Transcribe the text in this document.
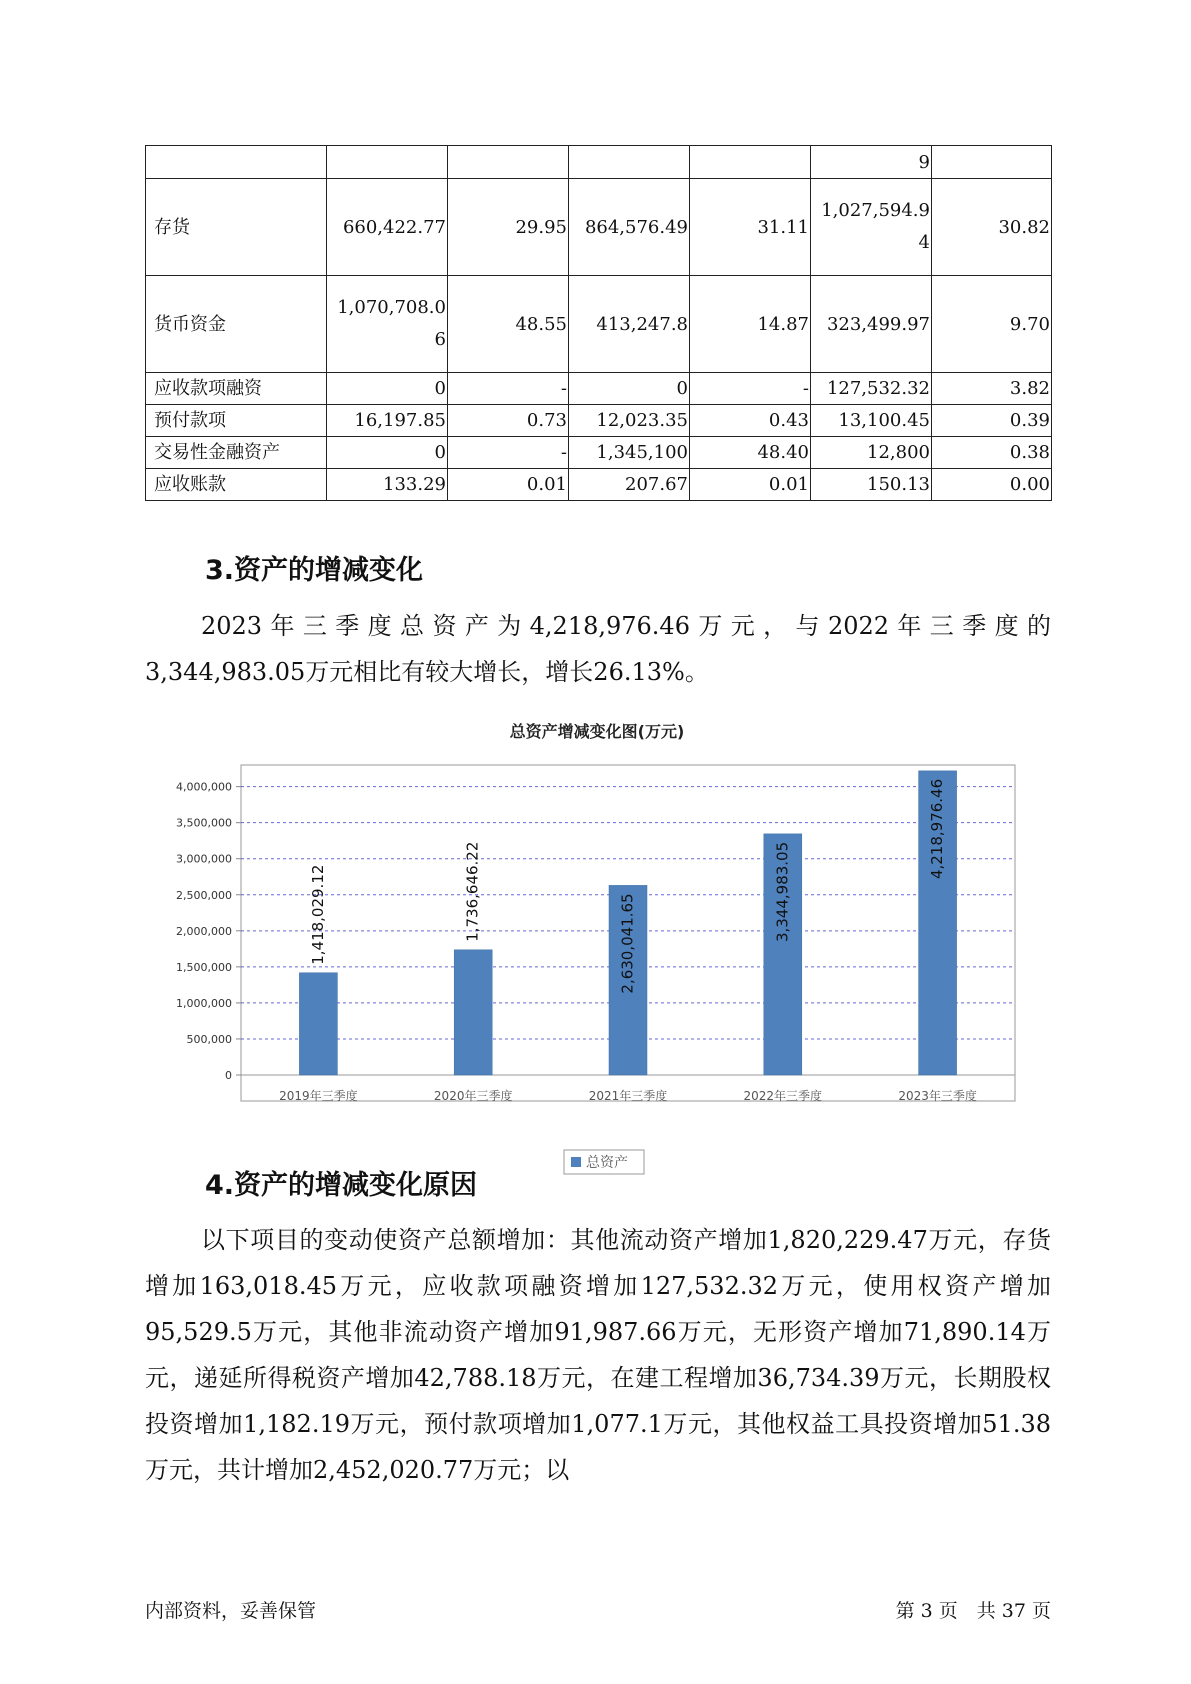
					9	
存货	660,422.77	29.95	864,576.49	31.11	1,027,594.94	30.82
货币资金	1,070,708.06	48.55	413,247.8	14.87	323,499.97	9.70
应收款项融资	0	-	0	-	127,532.32	3.82
预付款项	16,197.85	0.73	12,023.35	0.43	13,100.45	0.39
交易性金融资产	0	-	1,345,100	48.40	12,800	0.38
应收账款	133.29	0.01	207.67	0.01	150.13	0.00
3.资产的增减变化

2023年三季度总资产为4,218,976.46万元，与2022年三季度的3,344,983.05万元相比有较大增长，增长26.13%。

总资产增减变化图(万元)
0
500,000
1,000,000
1,500,000
2,000,000
2,500,000
3,000,000
3,500,000
4,000,000
1,418,029.12	1,736,646.22
2,630,041.65
3,344,983.05
4,218,976.46
2019年三季度	2020年三季度	2021年三季度	2022年三季度	2023年三季度
总资产
4.资产的增减变化原因

以下项目的变动使资产总额增加：其他流动资产增加1,820,229.47万元，存货增加163,018.45万元，应收款项融资增加127,532.32万元，使用权资产增加95,529.5万元，其他非流动资产增加91,987.66万元，无形资产增加71,890.14万元，递延所得税资产增加42,788.18万元，在建工程增加36,734.39万元，长期股权投资增加1,182.19万元，预付款项增加1,077.1万元，其他权益工具投资增加51.38万元，共计增加2,452,020.77万元；以

内部资料，妥善保管	第 3 页　共 37 页
